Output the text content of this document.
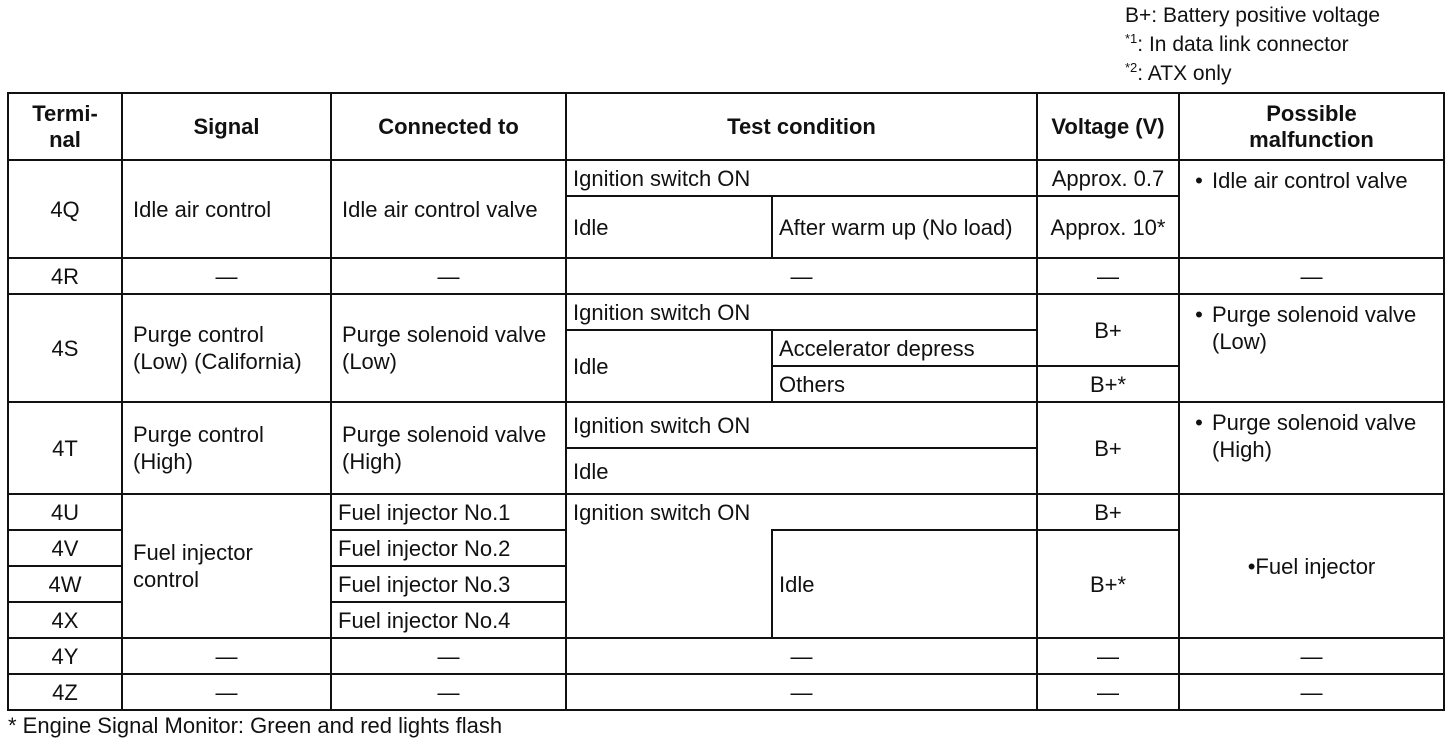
B+: Battery positive voltage
$^{*1}$: In data link connector
$^{*2}$: ATX only
Termi-
nal	Signal	Connected to	Test condition		Voltage (V)	Possible
malfunction
4Q	Idle air control	Idle air control valve	Ignition switch ON		Approx. 0.7	• Idle air control valve

			Idle	After warm up (No load)	Approx. 10*	
4R	—	—	—		—	—
4S	Purge control (Low) (California)	Purge solenoid valve (Low)	Ignition switch ON		B+	• Purge solenoid valve (Low)

			Idle	Accelerator depress		
				Others	B+*	
4T	Purge control (High)	Purge solenoid valve (High)	Ignition switch ON		B+	• Purge solenoid valve (High)

			Idle			
4U	Fuel injector control	Fuel injector No.1	Ignition switch ON		B+	•Fuel injector

4V		Fuel injector No.2		Idle	B+*	
4W		Fuel injector No.3				
4X		Fuel injector No.4				
4Y	—	—	—		—	—
4Z	—	—	—		—	—
* Engine Signal Monitor: Green and red lights flash
